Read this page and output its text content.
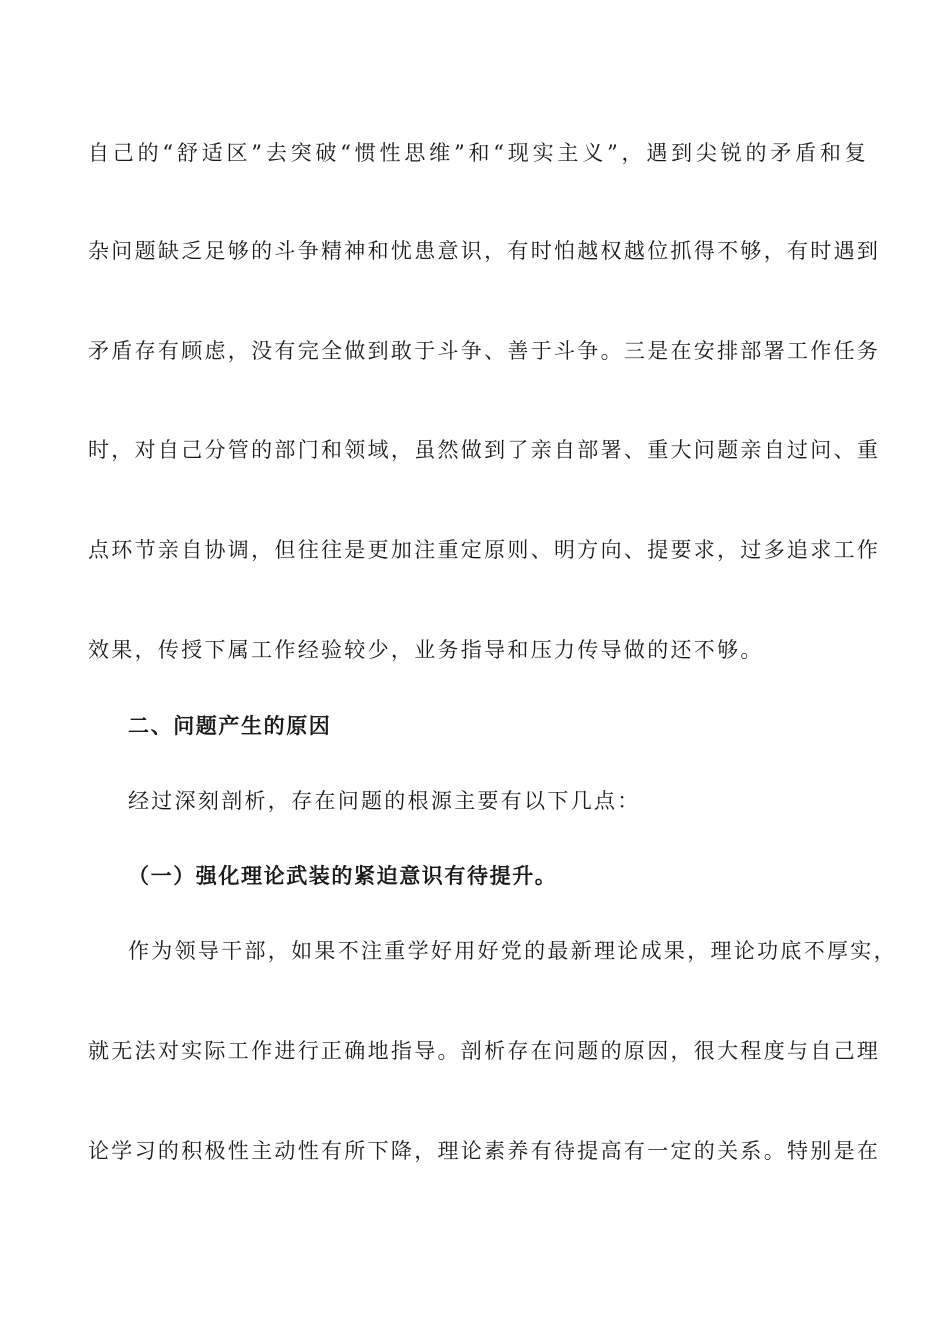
自己的“舒适区”去突破“惯性思维”和“现实主义”，遇到尖锐的矛盾和复
杂问题缺乏足够的斗争精神和忧患意识，有时怕越权越位抓得不够，有时遇到
矛盾存有顾虑，没有完全做到敢于斗争、善于斗争。三是在安排部署工作任务
时，对自己分管的部门和领域，虽然做到了亲自部署、重大问题亲自过问、重
点环节亲自协调，但往往是更加注重定原则、明方向、提要求，过多追求工作
效果，传授下属工作经验较少，业务指导和压力传导做的还不够。
二、问题产生的原因
经过深刻剖析，存在问题的根源主要有以下几点：
（一）强化理论武装的紧迫意识有待提升。
作为领导干部，如果不注重学好用好党的最新理论成果，理论功底不厚实，
就无法对实际工作进行正确地指导。剖析存在问题的原因，很大程度与自己理
论学习的积极性主动性有所下降，理论素养有待提高有一定的关系。特别是在
